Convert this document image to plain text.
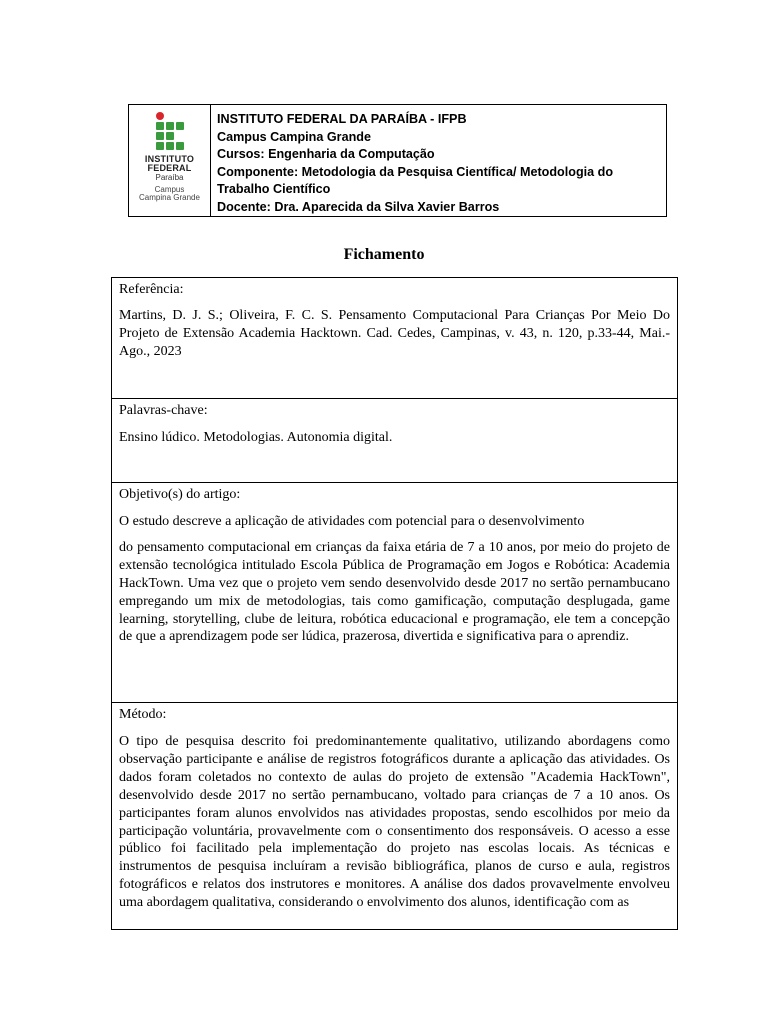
INSTITUTO
FEDERAL
Paraíba
Campus
Campina Grande
INSTITUTO FEDERAL DA PARAÍBA - IFPB
Campus Campina Grande
Cursos: Engenharia da Computação
Componente: Metodologia da Pesquisa Científica/ Metodologia do
Trabalho Científico
Docente: Dra. Aparecida da Silva Xavier Barros
Fichamento
Referência:
Martins, D. J. S.; Oliveira, F. C. S. Pensamento Computacional Para Crianças Por Meio Do Projeto de Extensão Academia Hacktown. Cad. Cedes, Campinas, v. 43, n. 120, p.33-44, Mai.-Ago., 2023
Palavras-chave:
Ensino lúdico. Metodologias. Autonomia digital.
Objetivo(s) do artigo:
O estudo descreve a aplicação de atividades com potencial para o desenvolvimento
do pensamento computacional em crianças da faixa etária de 7 a 10 anos, por meio do projeto de extensão tecnológica intitulado Escola Pública de Programação em Jogos e Robótica: Academia HackTown. Uma vez que o projeto vem sendo desenvolvido desde 2017 no sertão pernambucano empregando um mix de metodologias, tais como gamificação, computação desplugada, game learning, storytelling, clube de leitura, robótica educacional e programação, ele tem a concepção de que a aprendizagem pode ser lúdica, prazerosa, divertida e significativa para o aprendiz.
Método:
O tipo de pesquisa descrito foi predominantemente qualitativo, utilizando abordagens como observação participante e análise de registros fotográficos durante a aplicação das atividades. Os dados foram coletados no contexto de aulas do projeto de extensão "Academia HackTown", desenvolvido desde 2017 no sertão pernambucano, voltado para crianças de 7 a 10 anos. Os participantes foram alunos envolvidos nas atividades propostas, sendo escolhidos por meio da participação voluntária, provavelmente com o consentimento dos responsáveis. O acesso a esse público foi facilitado pela implementação do projeto nas escolas locais. As técnicas e instrumentos de pesquisa incluíram a revisão bibliográfica, planos de curso e aula, registros fotográficos e relatos dos instrutores e monitores. A análise dos dados provavelmente envolveu uma abordagem qualitativa, considerando o envolvimento dos alunos, identificação com as
